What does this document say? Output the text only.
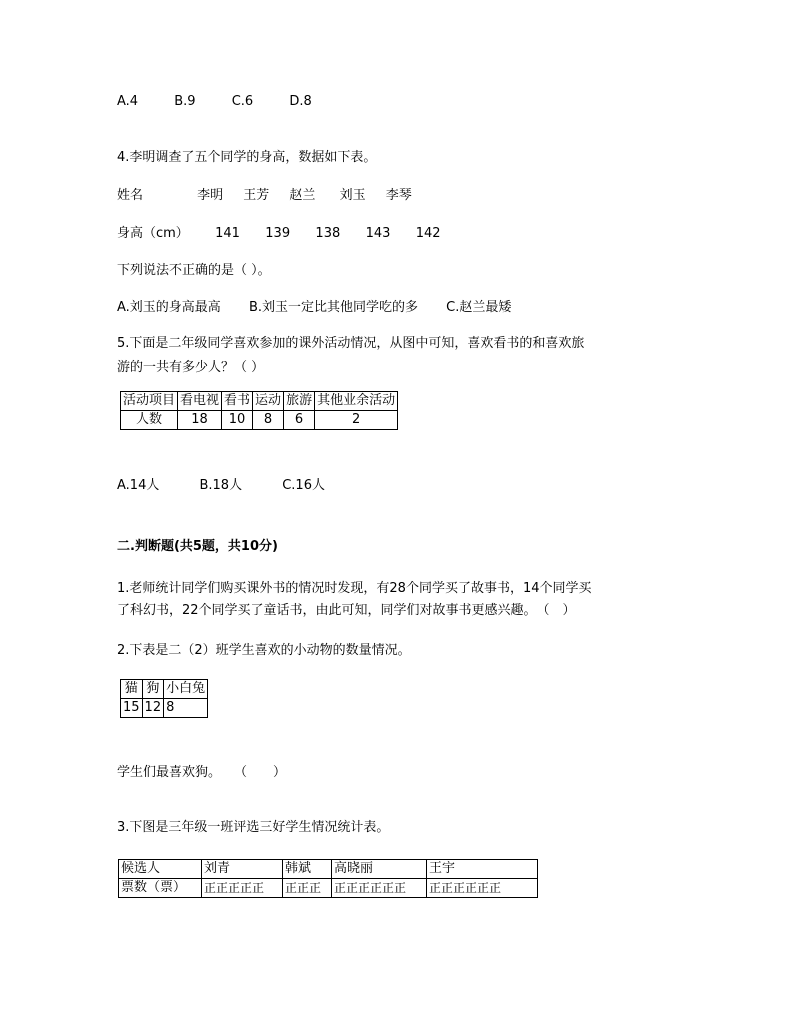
A.4	B.9	C.6	D.8
4.李明调查了五个同学的身高，数据如下表。
姓名	李明 王芳 赵兰 刘玉 李琴
身高（cm） 141 139 138 143 142
下列说法不正确的是（ ）。
A.刘玉的身高最高 B.刘玉一定比其他同学吃的多 C.赵兰最矮
5.下面是二年级同学喜欢参加的课外活动情况，从图中可知，喜欢看书的和喜欢旅
游的一共有多少人？（ ）
活动项目	看电视	看书	运动	旅游	其他业余活动
人数	18	10	8	6	2
A.14人	B.18人	C.16人
二.判断题(共5题，共10分)
1.老师统计同学们购买课外书的情况时发现，有28个同学买了故事书，14个同学买
了科幻书，22个同学买了童话书，由此可知，同学们对故事书更感兴趣。　（　）
2.下表是二（2）班学生喜欢的小动物的数量情况。
猫	狗	小白兔
15	12	8
学生们最喜欢狗。　　（　　）
3.下图是三年级一班评选三好学生情况统计表。
候选人	刘青	韩斌	高晓丽	王宇
票数（票）	正正正正正	正正正	正正正正正正	正正正正正正
